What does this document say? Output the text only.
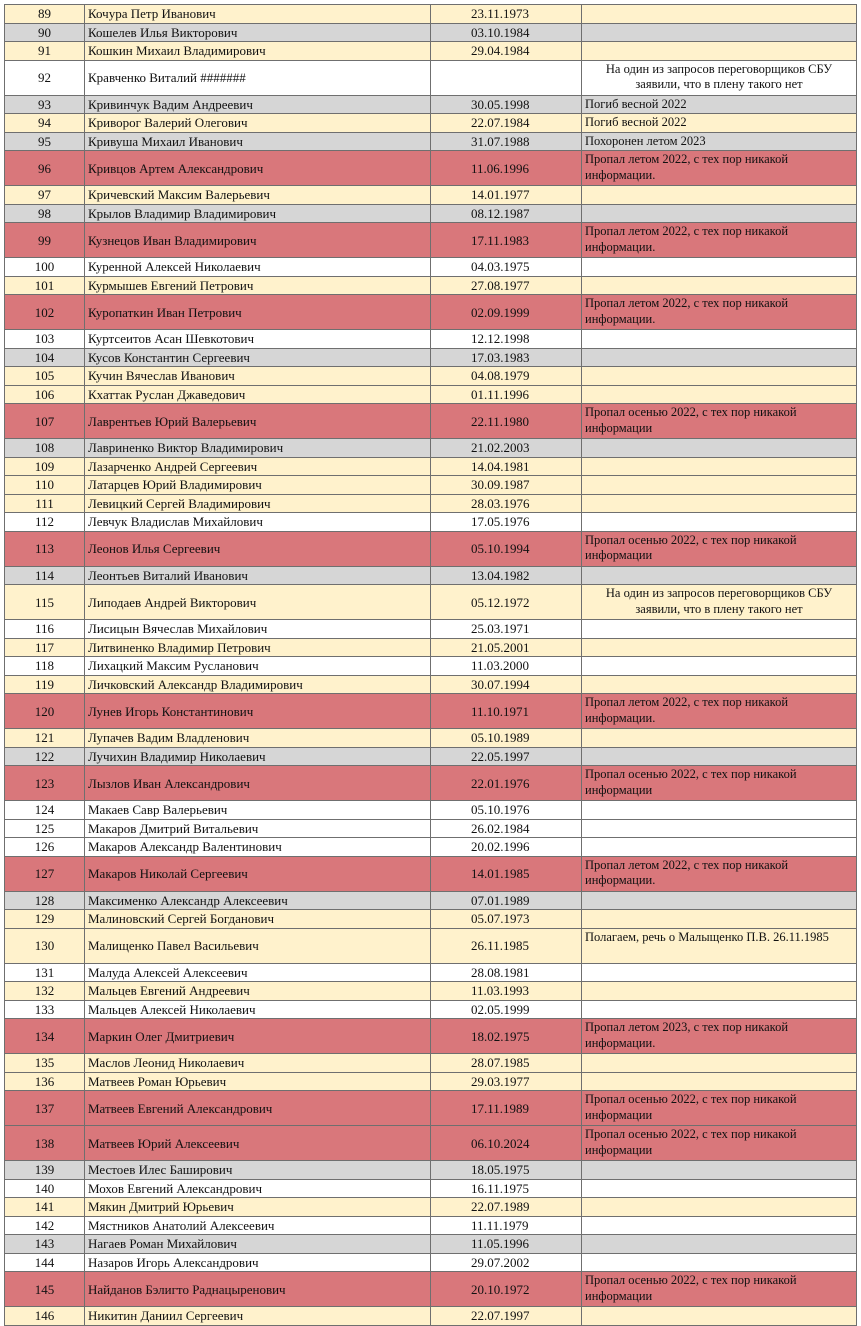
89	Кочура Петр Иванович	23.11.1973	
90	Кошелев Илья Викторович	03.10.1984	
91	Кошкин Михаил Владимирович	29.04.1984	
92	Кравченко Виталий #######		На один из запросов переговорщиков СБУ заявили, что в плену такого нет
93	Кривинчук Вадим Андреевич	30.05.1998	Погиб весной 2022
94	Криворог Валерий Олегович	22.07.1984	Погиб весной 2022
95	Кривуша Михаил Иванович	31.07.1988	Похоронен летом 2023
96	Кривцов Артем Александрович	11.06.1996	Пропал летом 2022, с тех пор никакой информации.
97	Кричевский Максим Валерьевич	14.01.1977	
98	Крылов Владимир Владимирович	08.12.1987	
99	Кузнецов Иван Владимирович	17.11.1983	Пропал летом 2022, с тех пор никакой информации.
100	Куренной Алексей Николаевич	04.03.1975	
101	Курмышев Евгений Петрович	27.08.1977	
102	Куропаткин Иван Петрович	02.09.1999	Пропал летом 2022, с тех пор никакой информации.
103	Куртсеитов Асан Шевкотович	12.12.1998	
104	Кусов Константин Сергеевич	17.03.1983	
105	Кучин Вячеслав Иванович	04.08.1979	
106	Кхаттак Руслан Джаведович	01.11.1996	
107	Лаврентьев Юрий Валерьевич	22.11.1980	Пропал осенью 2022, с тех пор никакой информации
108	Лавриненко Виктор Владимирович	21.02.2003	
109	Лазарченко Андрей Сергеевич	14.04.1981	
110	Латарцев Юрий Владимирович	30.09.1987	
111	Левицкий Сергей Владимирович	28.03.1976	
112	Левчук Владислав Михайлович	17.05.1976	
113	Леонов Илья Сергеевич	05.10.1994	Пропал осенью 2022, с тех пор никакой информации
114	Леонтьев Виталий Иванович	13.04.1982	
115	Липодаев Андрей Викторович	05.12.1972	На один из запросов переговорщиков СБУ заявили, что в плену такого нет
116	Лисицын Вячеслав Михайлович	25.03.1971	
117	Литвиненко Владимир Петрович	21.05.2001	
118	Лихацкий Максим Русланович	11.03.2000	
119	Личковский Александр Владимирович	30.07.1994	
120	Лунев Игорь Константинович	11.10.1971	Пропал летом 2022, с тех пор никакой информации.
121	Лупачев Вадим Владленович	05.10.1989	
122	Лучихин Владимир Николаевич	22.05.1997	
123	Лызлов Иван Александрович	22.01.1976	Пропал осенью 2022, с тех пор никакой информации
124	Макаев Савр Валерьевич	05.10.1976	
125	Макаров Дмитрий Витальевич	26.02.1984	
126	Макаров Александр Валентинович	20.02.1996	
127	Макаров Николай Сергеевич	14.01.1985	Пропал летом 2022, с тех пор никакой информации.
128	Максименко Александр Алексеевич	07.01.1989	
129	Малиновский Сергей Богданович	05.07.1973	
130	Малищенко Павел Васильевич	26.11.1985	Полагаем, речь о Малыщенко П.В. 26.11.1985
131	Малуда Алексей Алексеевич	28.08.1981	
132	Мальцев Евгений Андреевич	11.03.1993	
133	Мальцев Алексей Николаевич	02.05.1999	
134	Маркин Олег Дмитриевич	18.02.1975	Пропал летом 2023, с тех пор никакой информации.
135	Маслов Леонид Николаевич	28.07.1985	
136	Матвеев Роман Юрьевич	29.03.1977	
137	Матвеев Евгений Александрович	17.11.1989	Пропал осенью 2022, с тех пор никакой информации
138	Матвеев Юрий Алексеевич	06.10.2024	Пропал осенью 2022, с тех пор никакой информации
139	Местоев Илес Баширович	18.05.1975	
140	Мохов Евгений Александрович	16.11.1975	
141	Мякин Дмитрий Юрьевич	22.07.1989	
142	Мястников Анатолий Алексеевич	11.11.1979	
143	Нагаев Роман Михайлович	11.05.1996	
144	Назаров Игорь Александрович	29.07.2002	
145	Найданов Бэлигто Раднацыренович	20.10.1972	Пропал осенью 2022, с тех пор никакой информации
146	Никитин Даниил Сергеевич	22.07.1997	
